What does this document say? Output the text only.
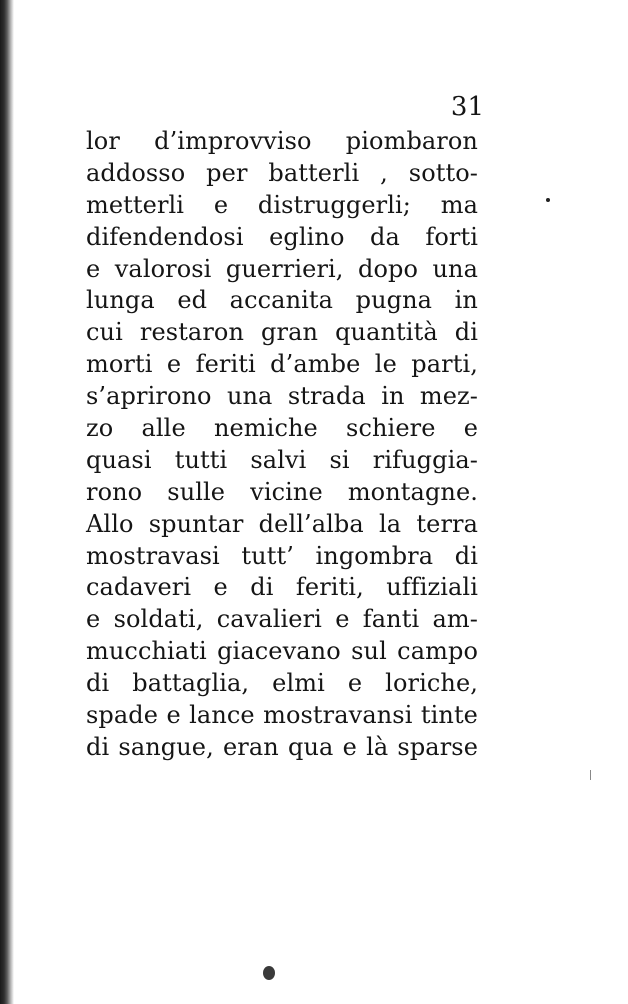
31

lor d’improvviso piombaron
addosso per batterli , sotto-
metterli e distruggerli; ma
difendendosi eglino da forti
e valorosi guerrieri, dopo una
lunga ed accanita pugna in
cui restaron gran quantità di
morti e feriti d’ambe le parti,
s’aprirono una strada in mez-
zo alle nemiche schiere e
quasi tutti salvi si rifuggia-
rono sulle vicine montagne.
Allo spuntar dell’alba la terra
mostravasi tutt’ ingombra di
cadaveri e di feriti, uffiziali
e soldati, cavalieri e fanti am-
mucchiati giacevano sul campo
di battaglia, elmi e loriche,
spade e lance mostravansi tinte
di sangue, eran qua e là sparse
